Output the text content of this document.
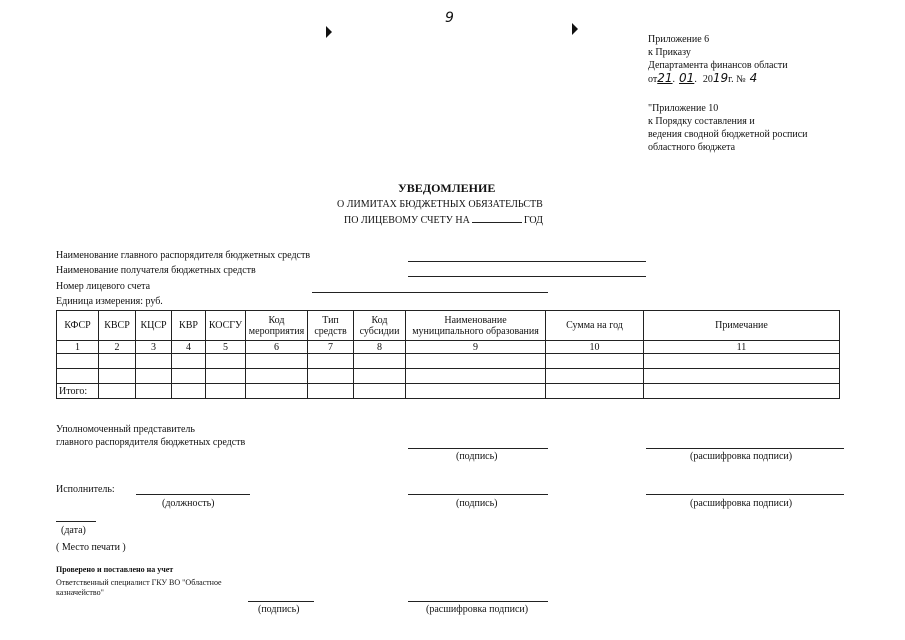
9
Приложение 6
к Приказу
Департамента финансов области
от21. 01. 2019г. № 4
"Приложение 10
к Порядку составления и
ведения сводной бюджетной росписи
областного бюджета
УВЕДОМЛЕНИЕ
О ЛИМИТАХ БЮДЖЕТНЫХ ОБЯЗАТЕЛЬСТВ
ПО ЛИЦЕВОМУ СЧЕТУ НА	ГОД
Наименование главного распорядителя бюджетных средств
Наименование получателя бюджетных средств
Номер лицевого счета
Единица измерения: руб.
КФСР	КВСР	КЦСР	КВР	КОСГУ	Код мероприятия	Тип средств	Код субсидии	Наименование муниципального образования	Сумма на год	Примечание
1	2	3	4	5	6	7	8	9	10	11

Итого:										
Уполномоченный представитель
главного распорядителя бюджетных средств
(подпись)	(расшифровка подписи)
Исполнитель:
(должность)	(подпись)	(расшифровка подписи)
(дата)
( Место печати )
Проверено и поставлено на учет
Ответственный специалист ГКУ ВО "Областное
казначейство"
(подпись)	(расшифровка подписи)
